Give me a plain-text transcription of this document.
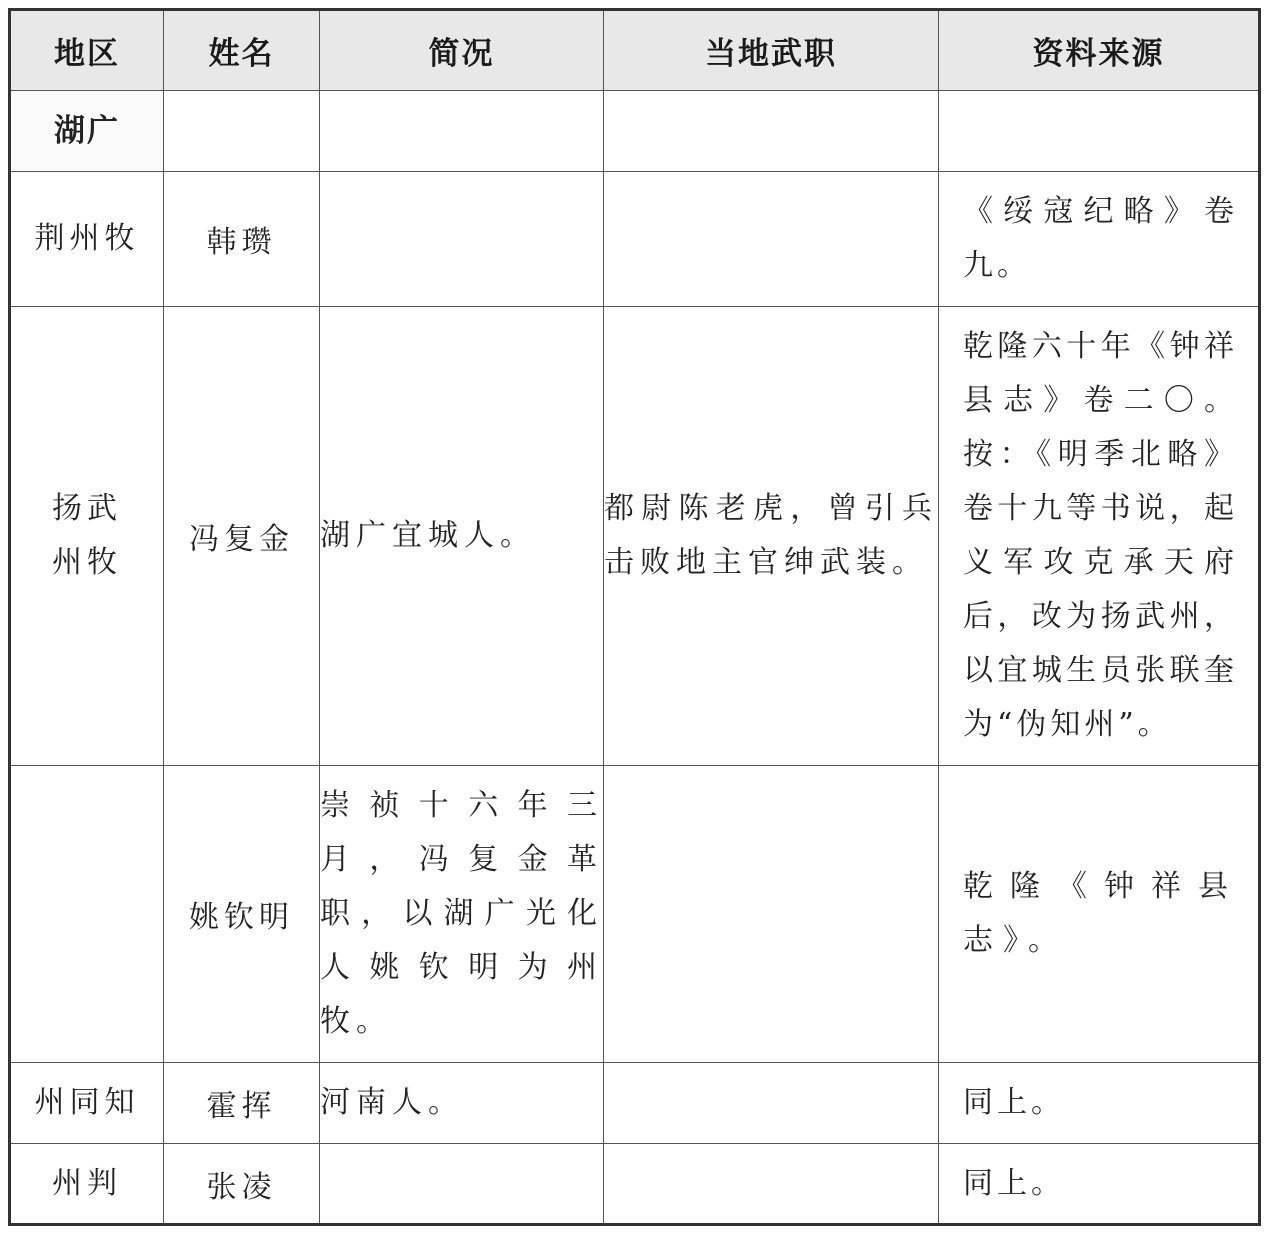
地区	姓名	简况	当地武职	资料来源
湖广				

荆州牧	韩瓒			《绥寇纪略》卷九。

扬武州牧	冯复金	湖广宜城人。	都尉陈老虎，曾引兵击败地主官绅武装。	乾隆六十年《钟祥县志》卷二〇。按：《明季北略》卷十九等书说，起义军攻克承天府后，改为扬武州，以宜城生员张联奎为“伪知州”。

	姚钦明	崇祯十六年三月，冯复金革职，以湖广光化人姚钦明为州牧。		乾隆《钟祥县志》。

州同知	霍挥	河南人。		同上。
州判	张凌			同上。
